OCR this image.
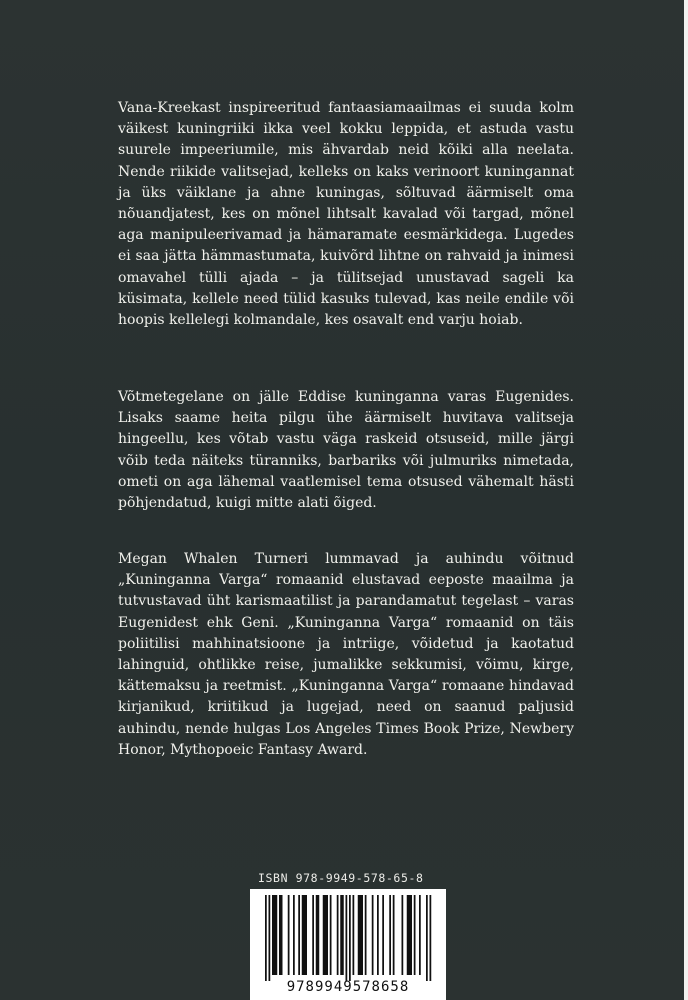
Vana-Kreekast inspireeritud fantaasiamaailmas ei suuda kolm väikest kuningriiki ikka veel kokku leppida, et astuda vastu suurele impeeriumile, mis ähvardab neid kõiki alla neelata. Nende riikide valitsejad, kelleks on kaks verinoort kuningannat ja üks väiklane ja ahne kuningas, sõltuvad äärmiselt oma nõuandjatest, kes on mõnel lihtsalt kavalad või targad, mõnel aga manipuleerivamad ja hämaramate eesmärkidega. Lugedes ei saa jätta hämmastumata, kuivõrd lihtne on rahvaid ja inimesi omavahel tülli ajada – ja tülitsejad unustavad sageli ka küsimata, kellele need tülid kasuks tulevad, kas neile endile või hoopis kellelegi kolmandale, kes osavalt end varju hoiab.

Võtmetegelane on jälle Eddise kuninganna varas Eugenides. Lisaks saame heita pilgu ühe äärmiselt huvitava valitseja hingeellu, kes võtab vastu väga raskeid otsuseid, mille järgi võib teda näiteks türanniks, barbariks või julmuriks nimetada, ometi on aga lähemal vaatlemisel tema otsused vähemalt hästi põhjendatud, kuigi mitte alati õiged.

Megan Whalen Turneri lummavad ja auhindu võitnud „Kuninganna Varga“ romaanid elustavad eeposte maailma ja tutvustavad üht karismaatilist ja parandamatut tegelast – varas Eugenidest ehk Geni. „Kuninganna Varga“ romaanid on täis poliitilisi mahhinatsioone ja intriige, võidetud ja kaotatud lahinguid, ohtlikke reise, jumalikke sekkumisi, võimu, kirge, kättemaksu ja reetmist. „Kuninganna Varga“ romaane hindavad kirjanikud, kriitikud ja lugejad, need on saanud paljusid auhindu, nende hulgas Los Angeles Times Book Prize, Newbery Honor, Mythopoeic Fantasy Award.

ISBN 978-9949-578-65-8
9789949578658
